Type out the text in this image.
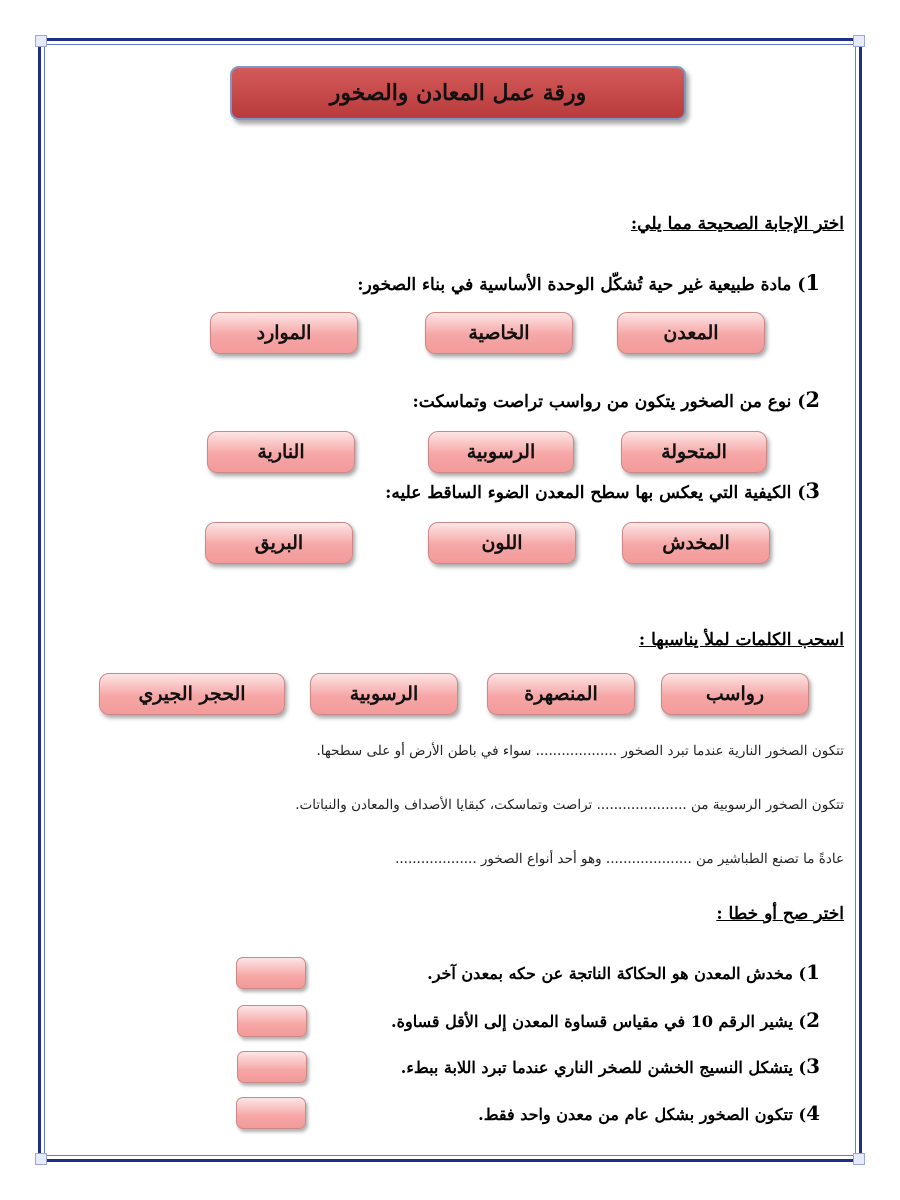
ورقة عمل المعادن والصخور
اختر الإجابة الصحيحة مما يلي:
1) مادة طبيعية غير حية تُشكّل الوحدة الأساسية في بناء الصخور:
المعدن
الخاصية
الموارد
2) نوع من الصخور يتكون من رواسب تراصت وتماسكت:
المتحولة
الرسوبية
النارية
3) الكيفية التي يعكس بها سطح المعدن الضوء الساقط عليه:
المخدش
اللون
البريق
اسحب الكلمات لملأ يناسبها :
رواسب
المنصهرة
الرسوبية
الحجر الجيري
تتكون الصخور النارية عندما تبرد الصخور ................... سواء في باطن الأرض أو على سطحها.
تتكون الصخور الرسوبية من ..................... تراصت وتماسكت، كبقايا الأصداف والمعادن والنباتات.
عادةً ما تصنع الطباشير من .................... وهو أحد أنواع الصخور ...................
اختر صح أو خطا :
1) مخدش المعدن هو الحكاكة الناتجة عن حكه بمعدن آخر.
2) يشير الرقم 10 في مقياس قساوة المعدن إلى الأقل قساوة.
3) يتشكل النسيج الخشن للصخر الناري عندما تبرد اللابة ببطء.
4) تتكون الصخور بشكل عام من معدن واحد فقط.
